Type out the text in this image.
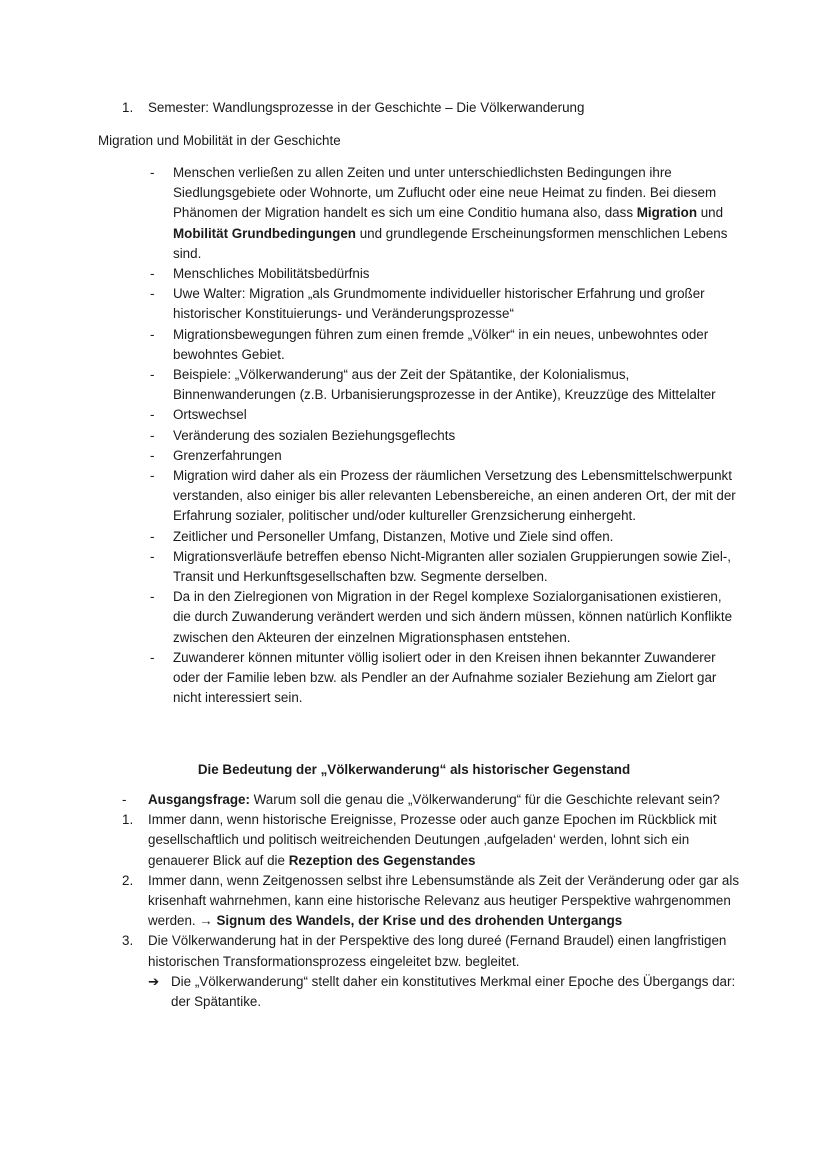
1. Semester: Wandlungsprozesse in der Geschichte – Die Völkerwanderung
Migration und Mobilität in der Geschichte
- Menschen verließen zu allen Zeiten und unter unterschiedlichsten Bedingungen ihre Siedlungsgebiete oder Wohnorte, um Zuflucht oder eine neue Heimat zu finden. Bei diesem Phänomen der Migration handelt es sich um eine Conditio humana also, dass Migration und Mobilität Grundbedingungen und grundlegende Erscheinungsformen menschlichen Lebens sind.
- Menschliches Mobilitätsbedürfnis
- Uwe Walter: Migration „als Grundmomente individueller historischer Erfahrung und großer historischer Konstituierungs- und Veränderungsprozesse“
- Migrationsbewegungen führen zum einen fremde „Völker“ in ein neues, unbewohntes oder bewohntes Gebiet.
- Beispiele: „Völkerwanderung“ aus der Zeit der Spätantike, der Kolonialismus, Binnenwanderungen (z.B. Urbanisierungsprozesse in der Antike), Kreuzzüge des Mittelalter
- Ortswechsel
- Veränderung des sozialen Beziehungsgeflechts
- Grenzerfahrungen
- Migration wird daher als ein Prozess der räumlichen Versetzung des Lebensmittelschwerpunkt verstanden, also einiger bis aller relevanten Lebensbereiche, an einen anderen Ort, der mit der Erfahrung sozialer, politischer und/oder kultureller Grenzsicherung einhergeht.
- Zeitlicher und Personeller Umfang, Distanzen, Motive und Ziele sind offen.
- Migrationsverläufe betreffen ebenso Nicht-Migranten aller sozialen Gruppierungen sowie Ziel-, Transit und Herkunftsgesellschaften bzw. Segmente derselben.
- Da in den Zielregionen von Migration in der Regel komplexe Sozialorganisationen existieren, die durch Zuwanderung verändert werden und sich ändern müssen, können natürlich Konflikte zwischen den Akteuren der einzelnen Migrationsphasen entstehen.
- Zuwanderer können mitunter völlig isoliert oder in den Kreisen ihnen bekannter Zuwanderer oder der Familie leben bzw. als Pendler an der Aufnahme sozialer Beziehung am Zielort gar nicht interessiert sein.
Die Bedeutung der „Völkerwanderung“ als historischer Gegenstand
- Ausgangsfrage: Warum soll die genau die „Völkerwanderung“ für die Geschichte relevant sein?
1. Immer dann, wenn historische Ereignisse, Prozesse oder auch ganze Epochen im Rückblick mit gesellschaftlich und politisch weitreichenden Deutungen ‚aufgeladen‘ werden, lohnt sich ein genauerer Blick auf die Rezeption des Gegenstandes
2. Immer dann, wenn Zeitgenossen selbst ihre Lebensumstände als Zeit der Veränderung oder gar als krisenhaft wahrnehmen, kann eine historische Relevanz aus heutiger Perspektive wahrgenommen werden. → Signum des Wandels, der Krise und des drohenden Untergangs
3. Die Völkerwanderung hat in der Perspektive des long dureé (Fernand Braudel) einen langfristigen historischen Transformationsprozess eingeleitet bzw. begleitet.
➔ Die „Völkerwanderung“ stellt daher ein konstitutives Merkmal einer Epoche des Übergangs dar: der Spätantike.
